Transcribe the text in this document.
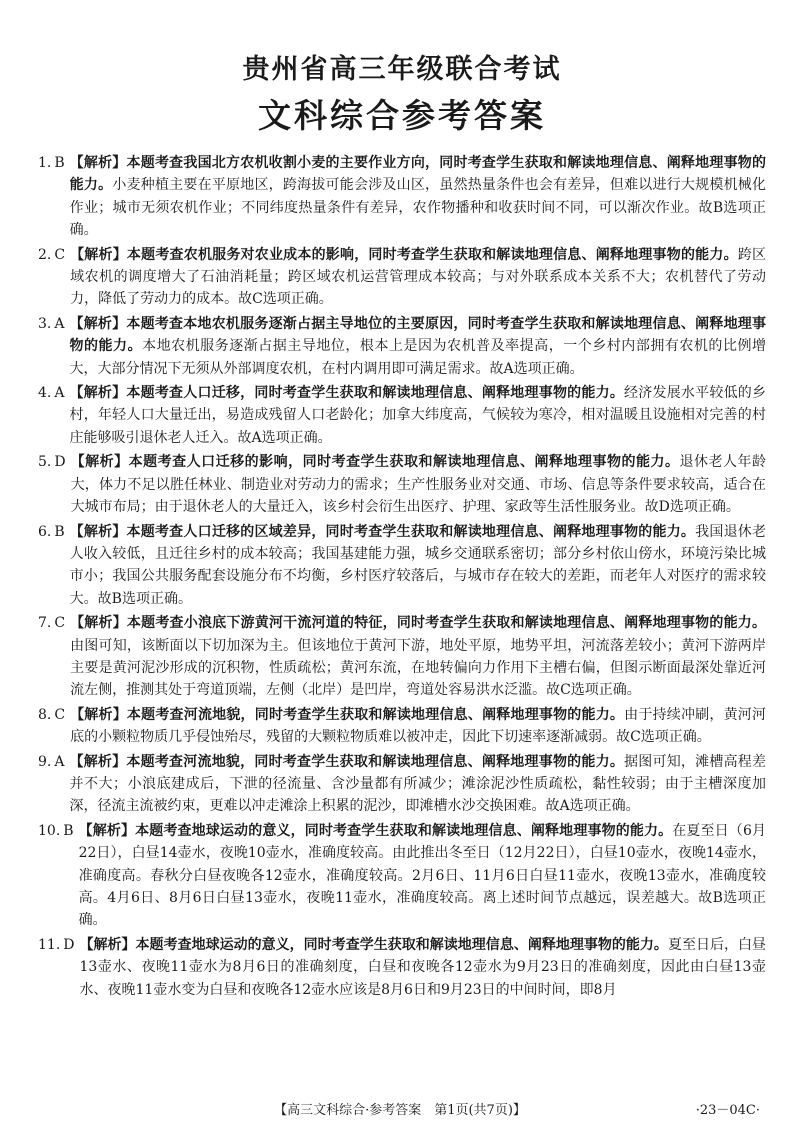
贵州省高三年级联合考试
文科综合参考答案
1. B 【解析】本题考查我国北方农机收割小麦的主要作业方向，同时考查学生获取和解读地理信息、阐释地理事物的能力。小麦种植主要在平原地区，跨海拔可能会涉及山区，虽然热量条件也会有差异，但难以进行大规模机械化作业；城市无须农机作业；不同纬度热量条件有差异，农作物播种和收获时间不同，可以渐次作业。故B选项正确。
2. C 【解析】本题考查农机服务对农业成本的影响，同时考查学生获取和解读地理信息、阐释地理事物的能力。跨区域农机的调度增大了石油消耗量；跨区域农机运营管理成本较高；与对外联系成本关系不大；农机替代了劳动力，降低了劳动力的成本。故C选项正确。
3. A 【解析】本题考查本地农机服务逐渐占据主导地位的主要原因，同时考查学生获取和解读地理信息、阐释地理事物的能力。本地农机服务逐渐占据主导地位，根本上是因为农机普及率提高，一个乡村内部拥有农机的比例增大，大部分情况下无须从外部调度农机，在村内调用即可满足需求。故A选项正确。
4. A 【解析】本题考查人口迁移，同时考查学生获取和解读地理信息、阐释地理事物的能力。经济发展水平较低的乡村，年轻人口大量迁出，易造成残留人口老龄化；加拿大纬度高，气候较为寒冷，相对温暖且设施相对完善的村庄能够吸引退休老人迁入。故A选项正确。
5. D 【解析】本题考查人口迁移的影响，同时考查学生获取和解读地理信息、阐释地理事物的能力。退休老人年龄大，体力不足以胜任林业、制造业对劳动力的需求；生产性服务业对交通、市场、信息等条件要求较高，适合在大城市布局；由于退休老人的大量迁入，该乡村会衍生出医疗、护理、家政等生活性服务业。故D选项正确。
6. B 【解析】本题考查人口迁移的区域差异，同时考查学生获取和解读地理信息、阐释地理事物的能力。我国退休老人收入较低，且迁往乡村的成本较高；我国基建能力强，城乡交通联系密切；部分乡村依山傍水，环境污染比城市小；我国公共服务配套设施分布不均衡，乡村医疗较落后，与城市存在较大的差距，而老年人对医疗的需求较大。故B选项正确。
7. C 【解析】本题考查小浪底下游黄河干流河道的特征，同时考查学生获取和解读地理信息、阐释地理事物的能力。由图可知，该断面以下切加深为主。但该地位于黄河下游，地处平原，地势平坦，河流落差较小；黄河下游两岸主要是黄河泥沙形成的沉积物，性质疏松；黄河东流，在地转偏向力作用下主槽右偏，但图示断面最深处靠近河流左侧，推测其处于弯道顶端，左侧（北岸）是凹岸，弯道处容易洪水泛滥。故C选项正确。
8. C 【解析】本题考查河流地貌，同时考查学生获取和解读地理信息、阐释地理事物的能力。由于持续冲刷，黄河河底的小颗粒物质几乎侵蚀殆尽，残留的大颗粒物质难以被冲走，因此下切速率逐渐减弱。故C选项正确。
9. A 【解析】本题考查河流地貌，同时考查学生获取和解读地理信息、阐释地理事物的能力。据图可知，滩槽高程差并不大；小浪底建成后，下泄的径流量、含沙量都有所减少；滩涂泥沙性质疏松，黏性较弱；由于主槽深度加深，径流主流被约束，更难以冲走滩涂上积累的泥沙，即滩槽水沙交换困难。故A选项正确。
10. B 【解析】本题考查地球运动的意义，同时考查学生获取和解读地理信息、阐释地理事物的能力。在夏至日（6月22日），白昼14壶水，夜晚10壶水，准确度较高。由此推出冬至日（12月22日），白昼10壶水，夜晚14壶水，准确度高。春秋分白昼夜晚各12壶水，准确度较高。2月6日、11月6日白昼11壶水，夜晚13壶水，准确度较高。4月6日、8月6日白昼13壶水，夜晚11壶水，准确度较高。离上述时间节点越远，误差越大。故B选项正确。
11. D 【解析】本题考查地球运动的意义，同时考查学生获取和解读地理信息、阐释地理事物的能力。夏至日后，白昼13壶水、夜晚11壶水为8月6日的准确刻度，白昼和夜晚各12壶水为9月23日的准确刻度，因此由白昼13壶水、夜晚11壶水变为白昼和夜晚各12壶水应该是8月6日和9月23日的中间时间，即8月
【高三文科综合·参考答案　第1页(共7页)】	·23－04C·
